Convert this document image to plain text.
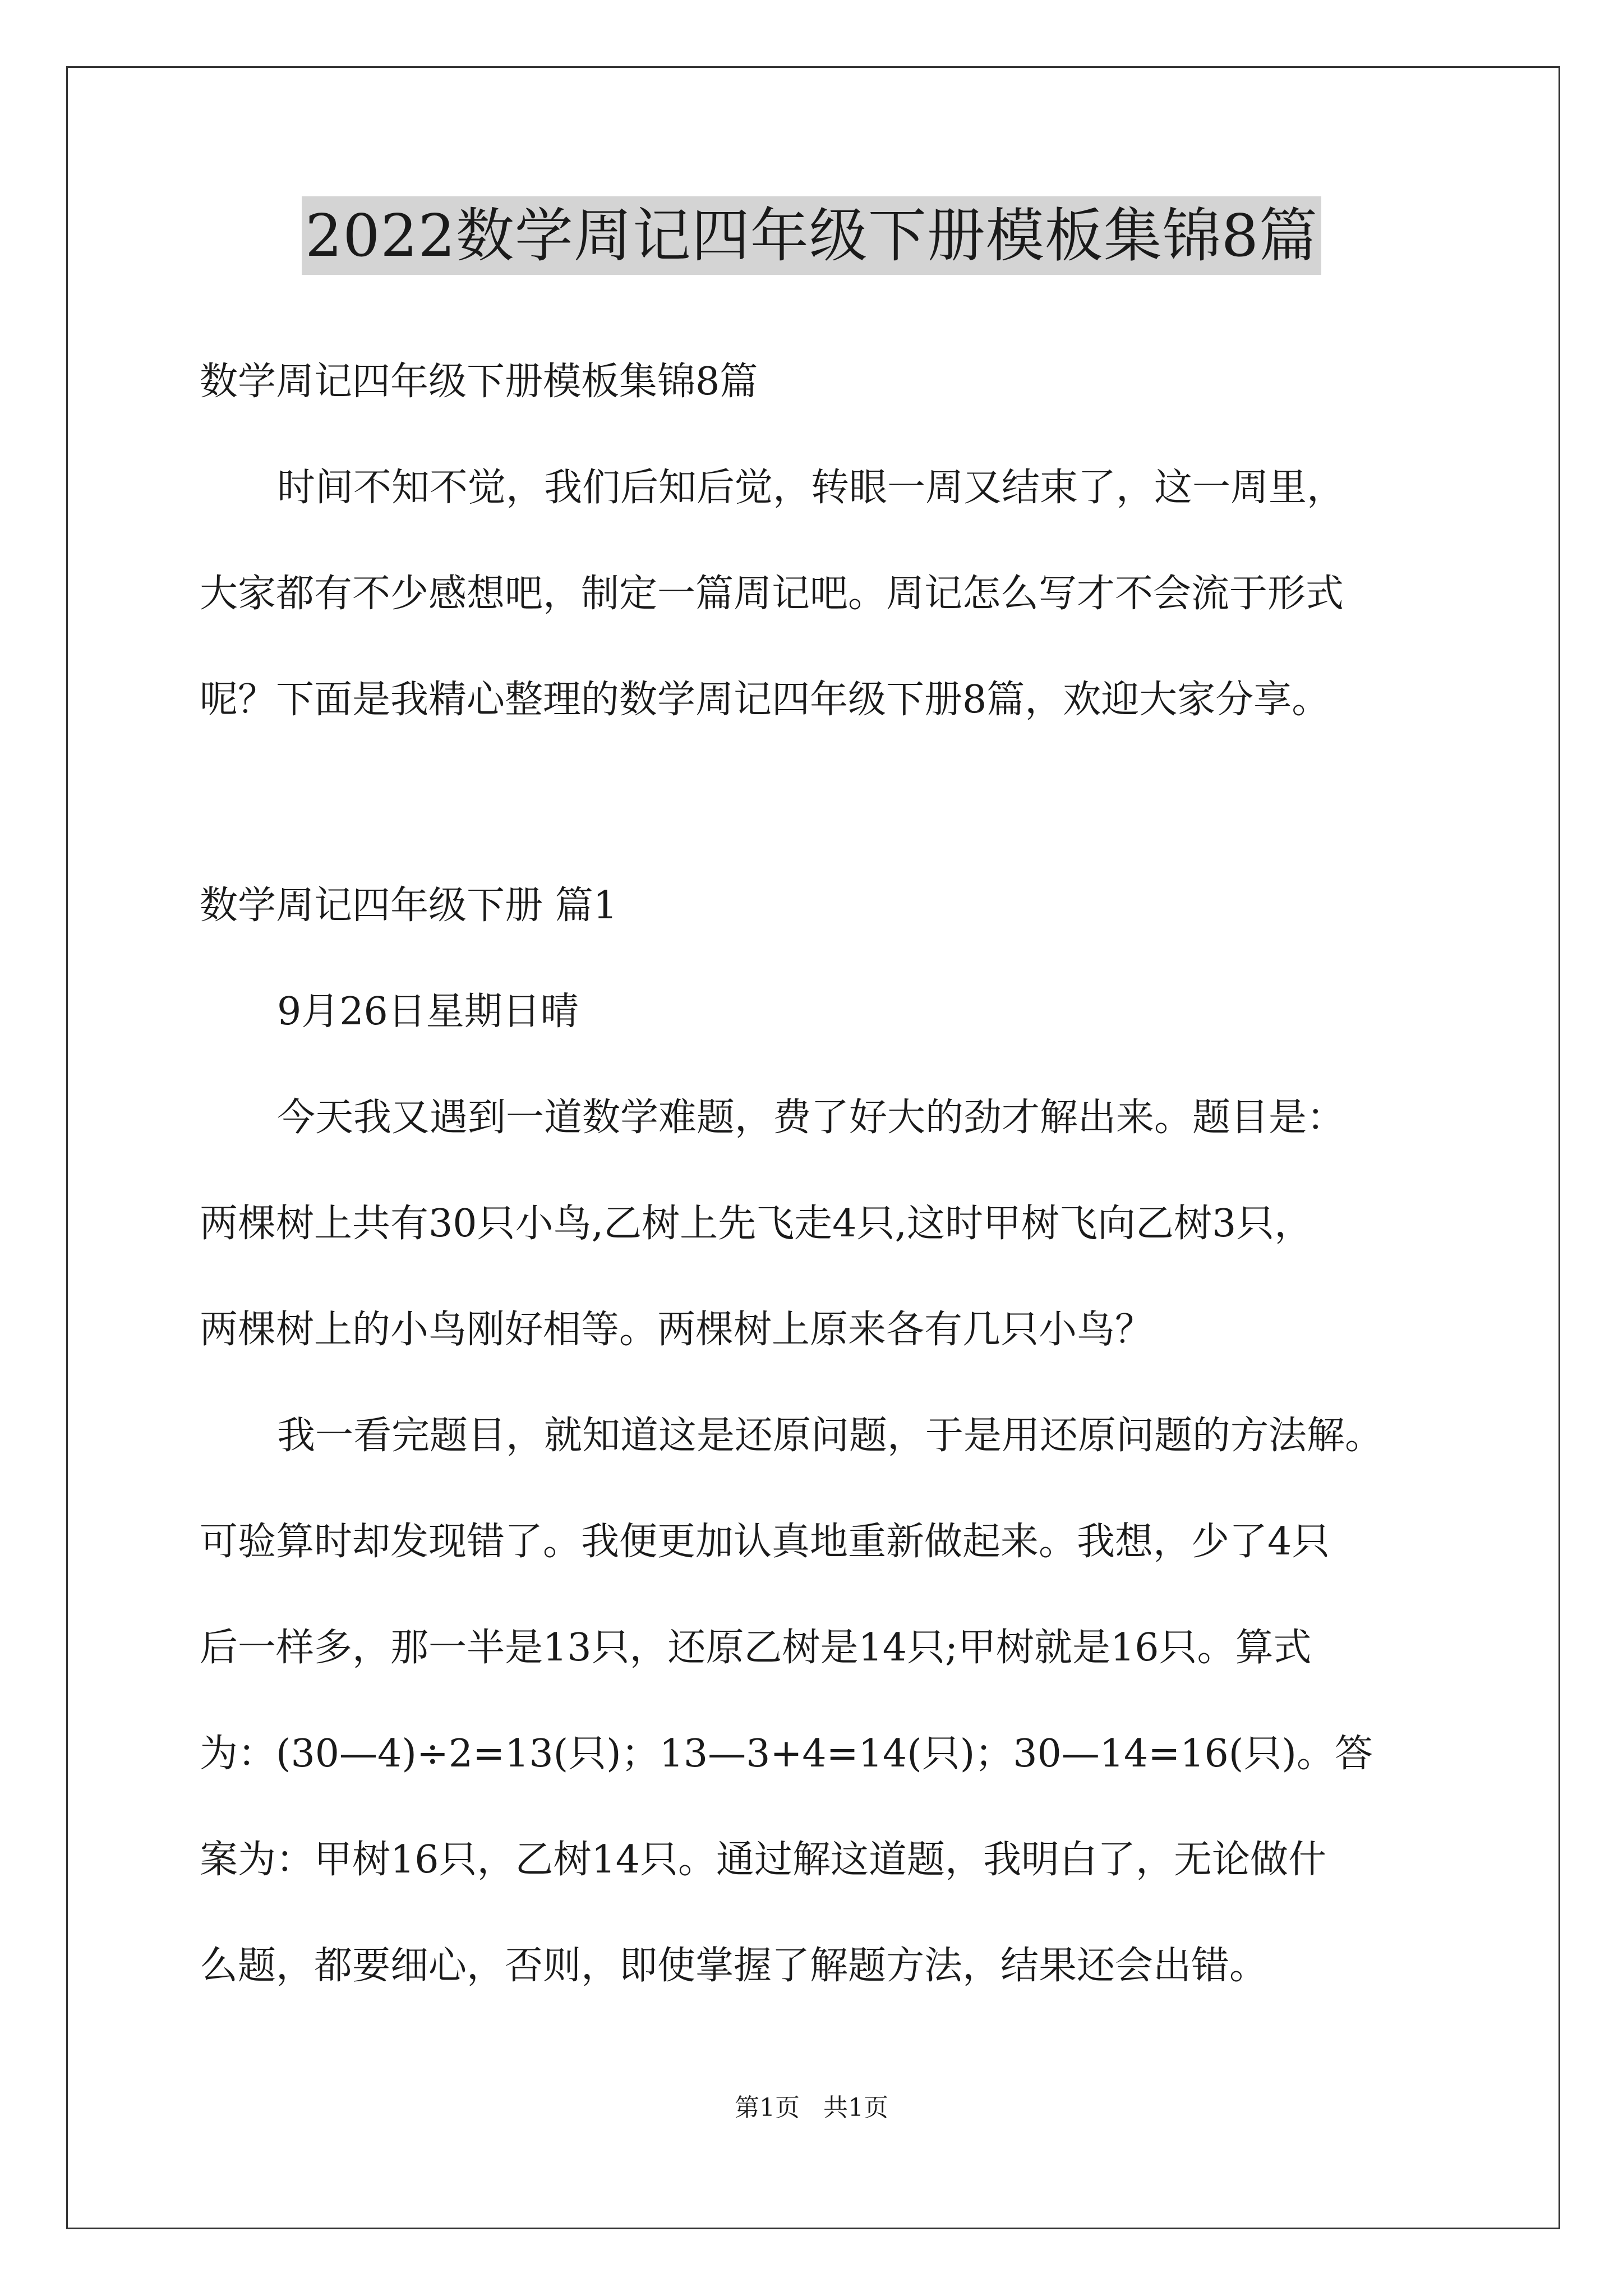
2022数学周记四年级下册模板集锦8篇
数学周记四年级下册模板集锦8篇
时间不知不觉，我们后知后觉，转眼一周又结束了，这一周里，
大家都有不少感想吧，制定一篇周记吧。周记怎么写才不会流于形式
呢？下面是我精心整理的数学周记四年级下册8篇，欢迎大家分享。
数学周记四年级下册 篇1
9月26日星期日晴
今天我又遇到一道数学难题，费了好大的劲才解出来。题目是：
两棵树上共有30只小鸟,乙树上先飞走4只,这时甲树飞向乙树3只，
两棵树上的小鸟刚好相等。两棵树上原来各有几只小鸟？
我一看完题目，就知道这是还原问题，于是用还原问题的方法解。
可验算时却发现错了。我便更加认真地重新做起来。我想，少了4只
后一样多，那一半是13只，还原乙树是14只;甲树就是16只。算式
为：(30—4)÷2=13(只)；13—3+4=14(只)；30—14=16(只)。答
案为：甲树16只，乙树14只。通过解这道题，我明白了，无论做什
么题，都要细心，否则，即使掌握了解题方法，结果还会出错。
第1页   共1页
